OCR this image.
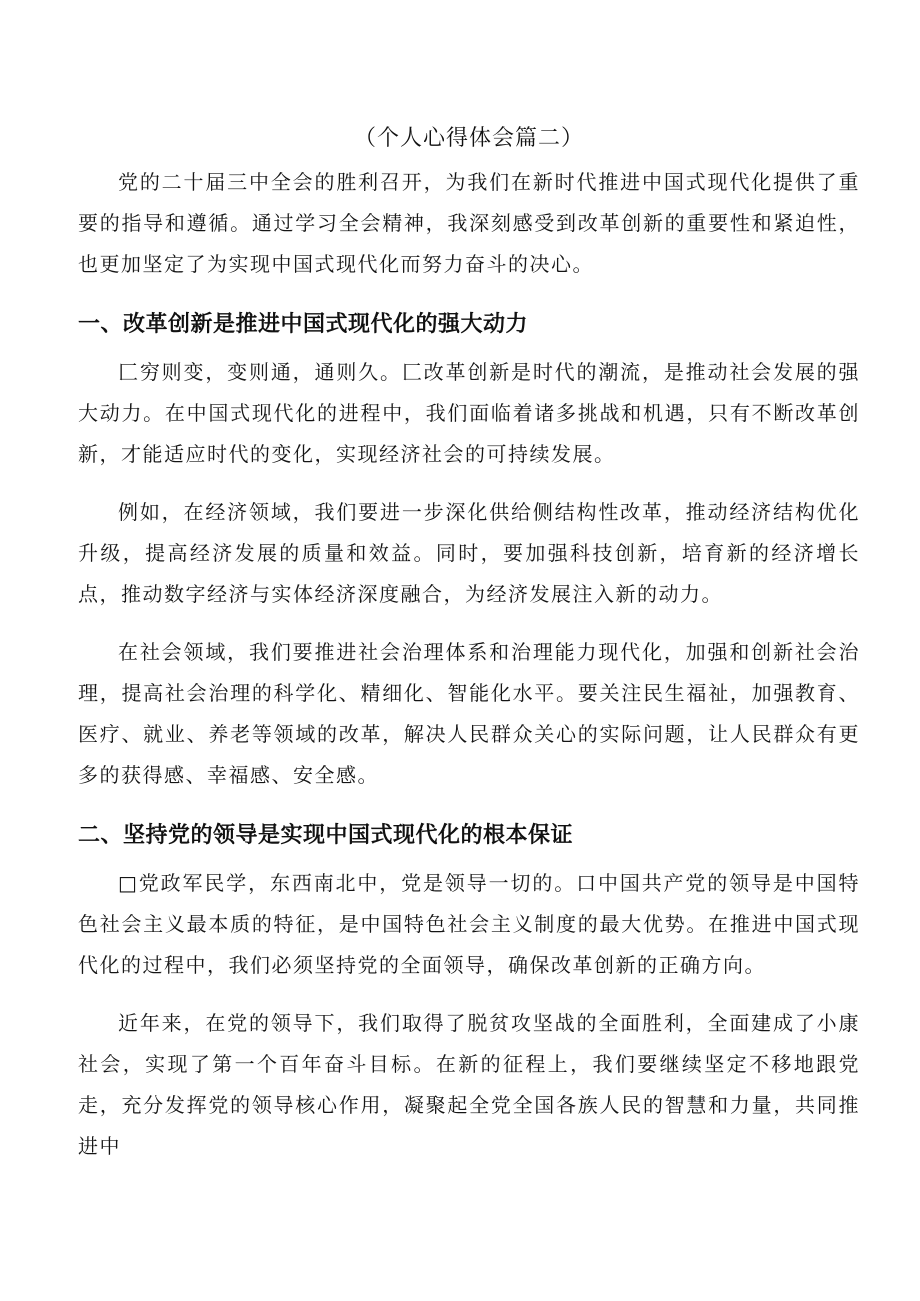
（个人心得体会篇二）

党的二十届三中全会的胜利召开，为我们在新时代推进中国式现代化提供了重要的指导和遵循。通过学习全会精神，我深刻感受到改革创新的重要性和紧迫性，也更加坚定了为实现中国式现代化而努力奋斗的决心。

一、改革创新是推进中国式现代化的强大动力

匚穷则变，变则通，通则久。匚改革创新是时代的潮流，是推动社会发展的强大动力。在中国式现代化的进程中，我们面临着诸多挑战和机遇，只有不断改革创新，才能适应时代的变化，实现经济社会的可持续发展。

例如，在经济领域，我们要进一步深化供给侧结构性改革，推动经济结构优化升级，提高经济发展的质量和效益。同时，要加强科技创新，培育新的经济增长点，推动数字经济与实体经济深度融合，为经济发展注入新的动力。

在社会领域，我们要推进社会治理体系和治理能力现代化，加强和创新社会治理，提高社会治理的科学化、精细化、智能化水平。要关注民生福祉，加强教育、医疗、就业、养老等领域的改革，解决人民群众关心的实际问题，让人民群众有更多的获得感、幸福感、安全感。

二、坚持党的领导是实现中国式现代化的根本保证

□党政军民学，东西南北中，党是领导一切的。口中国共产党的领导是中国特色社会主义最本质的特征，是中国特色社会主义制度的最大优势。在推进中国式现代化的过程中，我们必须坚持党的全面领导，确保改革创新的正确方向。

近年来，在党的领导下，我们取得了脱贫攻坚战的全面胜利，全面建成了小康社会，实现了第一个百年奋斗目标。在新的征程上，我们要继续坚定不移地跟党走，充分发挥党的领导核心作用，凝聚起全党全国各族人民的智慧和力量，共同推进中
